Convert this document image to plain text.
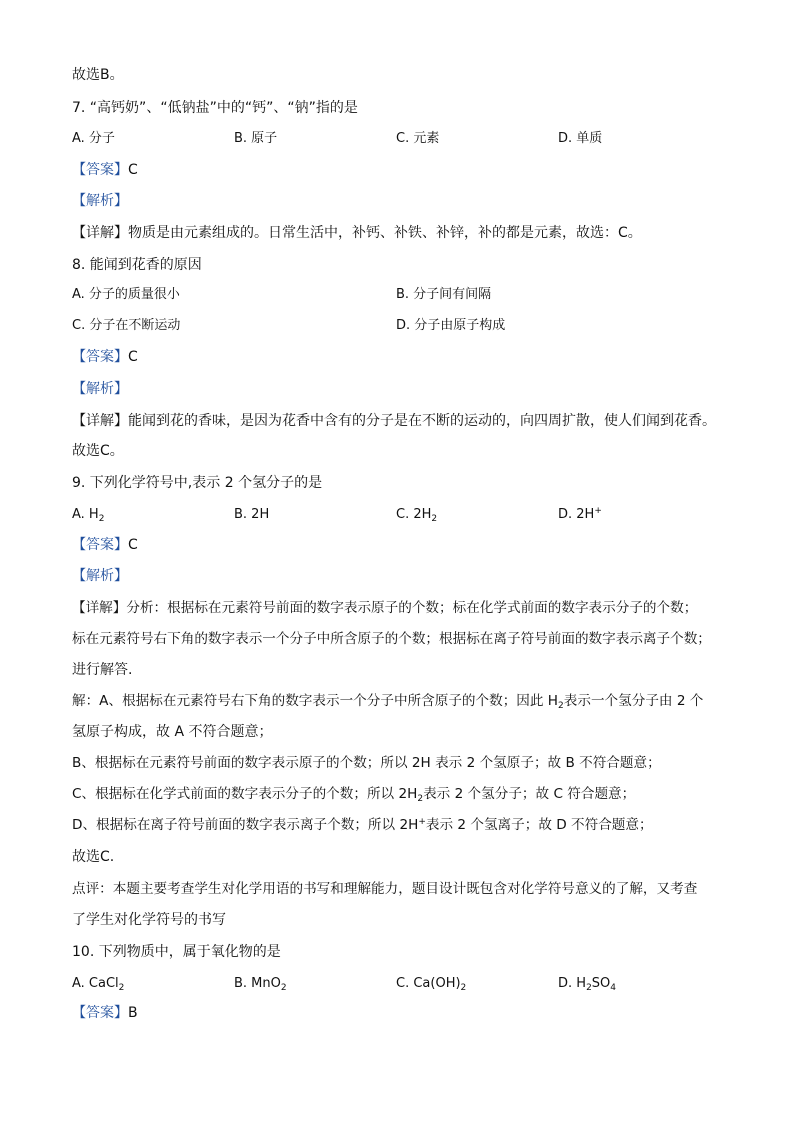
故选B。
7. “高钙奶”、“低钠盐”中的“钙”、“钠”指的是
A. 分子	B. 原子	C. 元素	D. 单质
【答案】C
【解析】
【详解】物质是由元素组成的。日常生活中，补钙、补铁、补锌，补的都是元素，故选：C。
8. 能闻到花香的原因
A. 分子的质量很小	B. 分子间有间隔
C. 分子在不断运动	D. 分子由原子构成
【答案】C
【解析】
【详解】能闻到花的香味，是因为花香中含有的分子是在不断的运动的，向四周扩散，使人们闻到花香。
故选C。
9. 下列化学符号中,表示 2 个氢分子的是
A. $H_2$	B. 2H	C. $2H_2$	D. 2H+
【答案】C
【解析】
【详解】分析：根据标在元素符号前面的数字表示原子的个数；标在化学式前面的数字表示分子的个数；
标在元素符号右下角的数字表示一个分子中所含原子的个数；根据标在离子符号前面的数字表示离子个数；
进行解答.
解：A、根据标在元素符号右下角的数字表示一个分子中所含原子的个数；因此 $H_2$表示一个氢分子由 2 个
氢原子构成，故 A 不符合题意；
B、根据标在元素符号前面的数字表示原子的个数；所以 2H 表示 2 个氢原子；故 B 不符合题意；
C、根据标在化学式前面的数字表示分子的个数；所以 $2H_2$表示 2 个氢分子；故 C 符合题意；
D、根据标在离子符号前面的数字表示离子个数；所以 2H+表示 2 个氢离子；故 D 不符合题意；
故选C.
点评：本题主要考查学生对化学用语的书写和理解能力，题目设计既包含对化学符号意义的了解，又考查
了学生对化学符号的书写
10. 下列物质中，属于氧化物的是
A. CaCl$_2$	B. MnO$_2$	C. $Ca(OH)_2$	D. $H_2SO_4$
【答案】B
